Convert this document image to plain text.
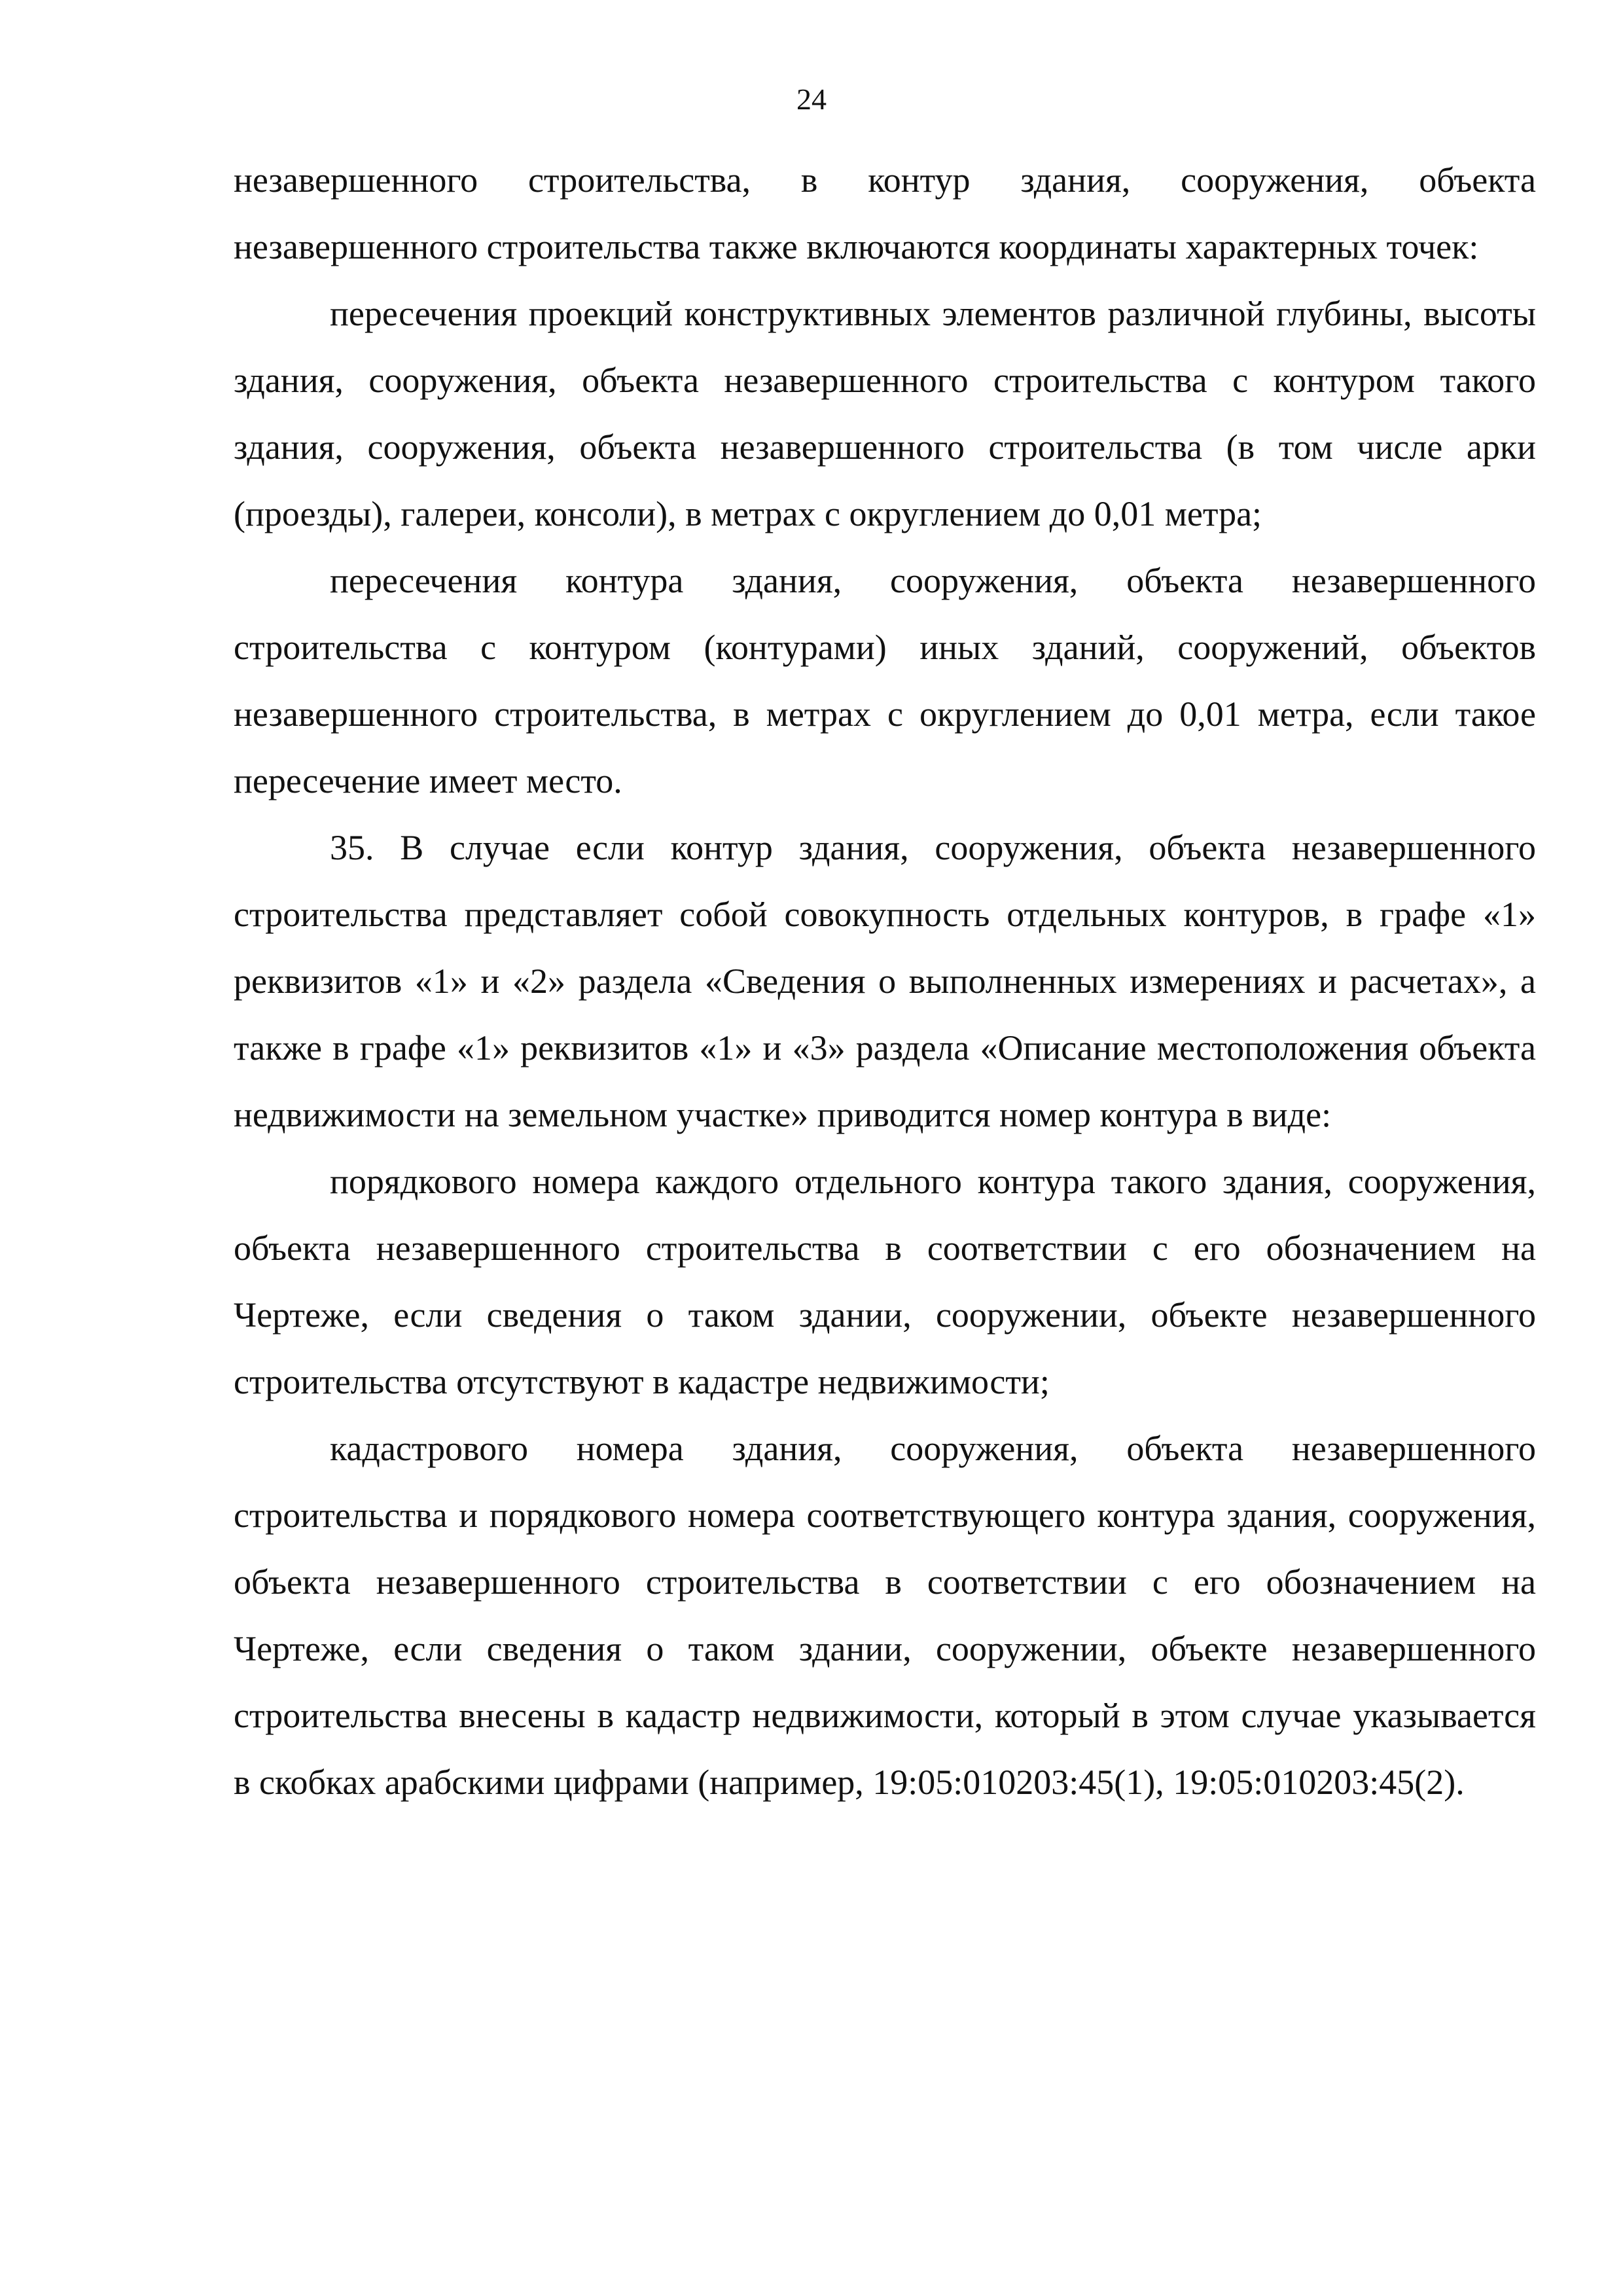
24

незавершенного строительства, в контур здания, сооружения, объекта незавершенного строительства также включаются координаты характерных точек:

пересечения проекций конструктивных элементов различной глубины, высоты здания, сооружения, объекта незавершенного строительства с контуром такого здания, сооружения, объекта незавершенного строительства (в том числе арки (проезды), галереи, консоли), в метрах с округлением до 0,01 метра;

пересечения контура здания, сооружения, объекта незавершенного строительства с контуром (контурами) иных зданий, сооружений, объектов незавершенного строительства, в метрах с округлением до 0,01 метра, если такое пересечение имеет место.

35. В случае если контур здания, сооружения, объекта незавершенного строительства представляет собой совокупность отдельных контуров, в графе «1» реквизитов «1» и «2» раздела «Сведения о выполненных измерениях и расчетах», а также в графе «1» реквизитов «1» и «3» раздела «Описание местоположения объекта недвижимости на земельном участке» приводится номер контура в виде:

порядкового номера каждого отдельного контура такого здания, сооружения, объекта незавершенного строительства в соответствии с его обозначением на Чертеже, если сведения о таком здании, сооружении, объекте незавершенного строительства отсутствуют в кадастре недвижимости;

кадастрового номера здания, сооружения, объекта незавершенного строительства и порядкового номера соответствующего контура здания, сооружения, объекта незавершенного строительства в соответствии с его обозначением на Чертеже, если сведения о таком здании, сооружении, объекте незавершенного строительства внесены в кадастр недвижимости, который в этом случае указывается в скобках арабскими цифрами (например, 19:05:010203:45(1), 19:05:010203:45(2).
